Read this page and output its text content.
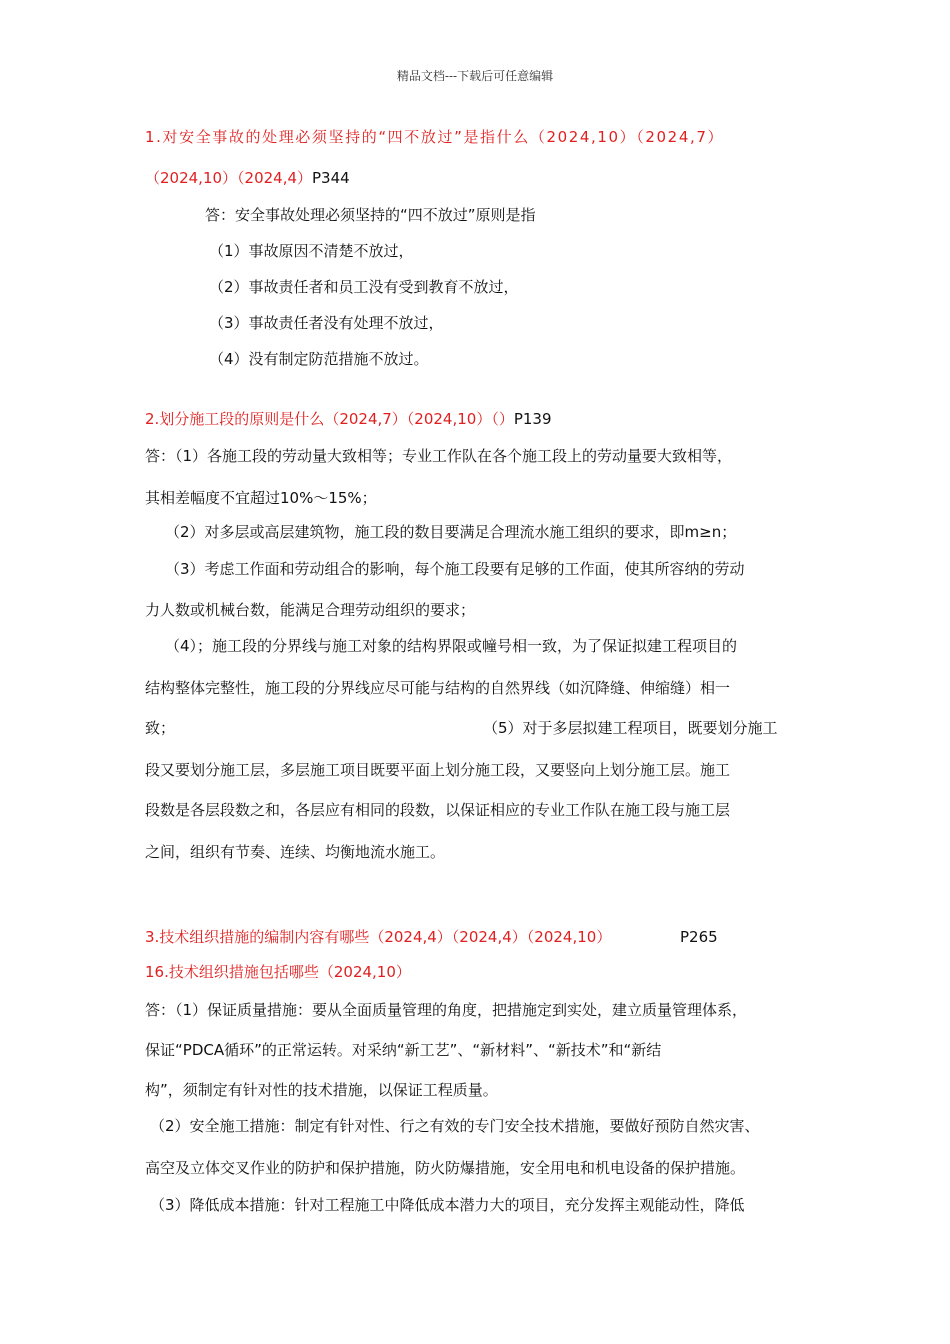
精品文档---下载后可任意编辑
1.对安全事故的处理必须坚持的“四不放过”是指什么（2024,10）（2024,7）
（2024,10）（2024,4）P344
答：安全事故处理必须坚持的“四不放过”原则是指
（1）事故原因不清楚不放过，
（2）事故责任者和员工没有受到教育不放过，
（3）事故责任者没有处理不放过，
（4）没有制定防范措施不放过。
2.划分施工段的原则是什么（2024,7）（2024,10）（）P139
答：（1）各施工段的劳动量大致相等；专业工作队在各个施工段上的劳动量要大致相等，
其相差幅度不宜超过10%～15%；
（2）对多层或高层建筑物，施工段的数目要满足合理流水施工组织的要求，即m≥n；
（3）考虑工作面和劳动组合的影响，每个施工段要有足够的工作面，使其所容纳的劳动
力人数或机械台数，能满足合理劳动组织的要求；
（4）；施工段的分界线与施工对象的结构界限或幢号相一致，为了保证拟建工程项目的
结构整体完整性，施工段的分界线应尽可能与结构的自然界线（如沉降缝、伸缩缝）相一
致；	（5）对于多层拟建工程项目，既要划分施工
段又要划分施工层，多层施工项目既要平面上划分施工段，又要竖向上划分施工层。施工
段数是各层段数之和，各层应有相同的段数，以保证相应的专业工作队在施工段与施工层
之间，组织有节奏、连续、均衡地流水施工。
3.技术组织措施的编制内容有哪些（2024,4）（2024,4）（2024,10）	P265
16.技术组织措施包括哪些（2024,10）
答：（1）保证质量措施：要从全面质量管理的角度，把措施定到实处，建立质量管理体系，
保证“PDCA循环”的正常运转。对采纳“新工艺”、“新材料”、“新技术”和“新结
构”，须制定有针对性的技术措施，以保证工程质量。
（2）安全施工措施：制定有针对性、行之有效的专门安全技术措施，要做好预防自然灾害、
高空及立体交叉作业的防护和保护措施，防火防爆措施，安全用电和机电设备的保护措施。
（3）降低成本措施：针对工程施工中降低成本潜力大的项目，充分发挥主观能动性，降低
